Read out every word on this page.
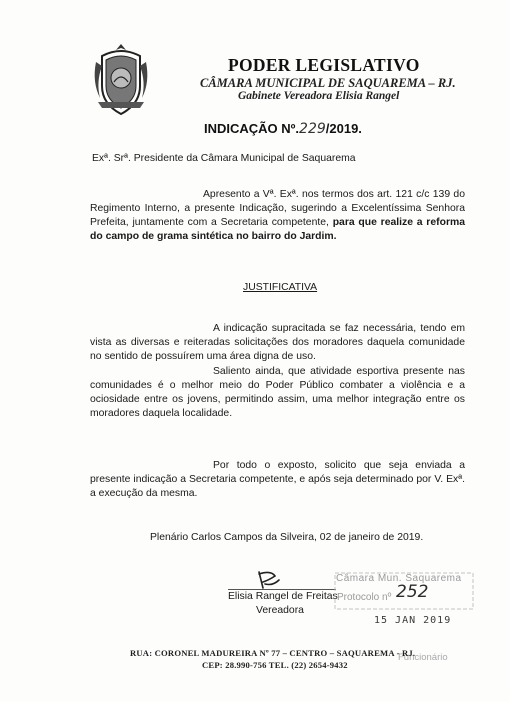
PODER LEGISLATIVO
CÂMARA MUNICIPAL DE SAQUAREMA – RJ.
Gabinete Vereadora Elisia Rangel
INDICAÇÃO Nº.229/2019.
Exª. Srª. Presidente da Câmara Municipal de Saquarema
Apresento a Vª. Exª. nos termos dos art. 121 c/c 139 do Regimento Interno, a presente Indicação, sugerindo a Excelentíssima Senhora Prefeita, juntamente com a Secretaria competente, para que realize a reforma do campo de grama sintética no bairro do Jardim.
JUSTIFICATIVA
A indicação supracitada se faz necessária, tendo em vista as diversas e reiteradas solicitações dos moradores daquela comunidade no sentido de possuírem uma área digna de uso.
Saliento ainda, que atividade esportiva presente nas comunidades é o melhor meio do Poder Público combater a violência e a ociosidade entre os jovens, permitindo assim, uma melhor integração entre os moradores daquela localidade.
Por todo o exposto, solicito que seja enviada a presente indicação a Secretaria competente, e após seja determinado por V. Exª. a execução da mesma.
Plenário Carlos Campos da Silveira, 02 de janeiro de 2019.
Elisia Rangel de Freitas
Vereadora
Câmara Mun. Saquarema
Protocolo nº 252
15 JAN 2019
Funcionário
RUA: CORONEL MADUREIRA Nº 77 – CENTRO – SAQUAREMA - RJ.
CEP: 28.990-756 TEL. (22) 2654-9432
